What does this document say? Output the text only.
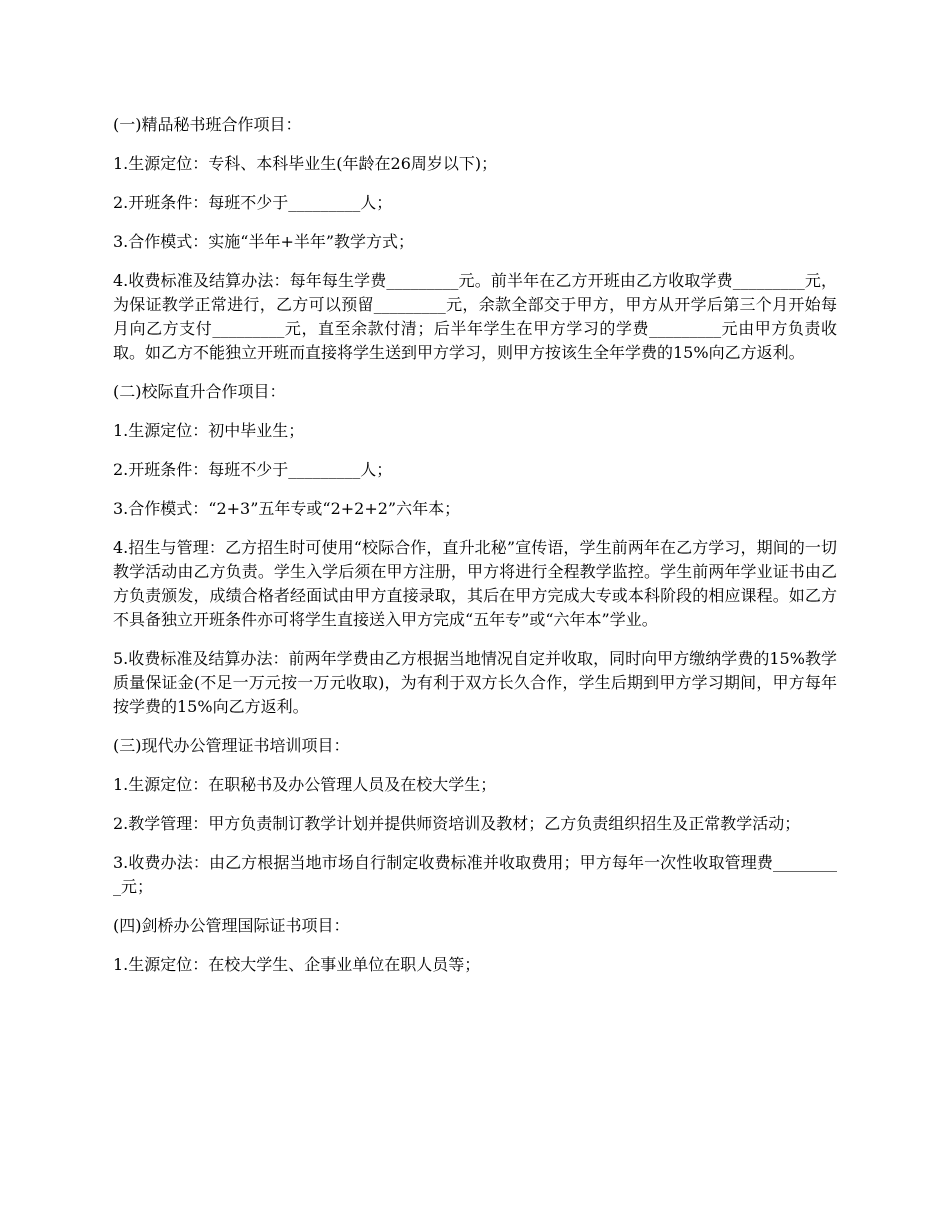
(一)精品秘书班合作项目：

1.生源定位：专科、本科毕业生(年龄在26周岁以下)；

2.开班条件：每班不少于_________人；

3.合作模式：实施“半年+半年”教学方式；

4.收费标准及结算办法：每年每生学费_________元。前半年在乙方开班由乙方收取学费_________元，为保证教学正常进行，乙方可以预留_________元，余款全部交于甲方，甲方从开学后第三个月开始每月向乙方支付_________元，直至余款付清；后半年学生在甲方学习的学费_________元由甲方负责收取。如乙方不能独立开班而直接将学生送到甲方学习，则甲方按该生全年学费的15%向乙方返利。

(二)校际直升合作项目：

1.生源定位：初中毕业生；

2.开班条件：每班不少于_________人；

3.合作模式：“2+3”五年专或“2+2+2”六年本；

4.招生与管理：乙方招生时可使用“校际合作，直升北秘”宣传语，学生前两年在乙方学习，期间的一切教学活动由乙方负责。学生入学后须在甲方注册，甲方将进行全程教学监控。学生前两年学业证书由乙方负责颁发，成绩合格者经面试由甲方直接录取，其后在甲方完成大专或本科阶段的相应课程。如乙方不具备独立开班条件亦可将学生直接送入甲方完成“五年专”或“六年本”学业。

5.收费标准及结算办法：前两年学费由乙方根据当地情况自定并收取，同时向甲方缴纳学费的15%教学质量保证金(不足一万元按一万元收取)，为有利于双方长久合作，学生后期到甲方学习期间，甲方每年按学费的15%向乙方返利。

(三)现代办公管理证书培训项目：

1.生源定位：在职秘书及办公管理人员及在校大学生；

2.教学管理：甲方负责制订教学计划并提供师资培训及教材；乙方负责组织招生及正常教学活动；

3.收费办法：由乙方根据当地市场自行制定收费标准并收取费用；甲方每年一次性收取管理费_________元；

(四)剑桥办公管理国际证书项目：

1.生源定位：在校大学生、企事业单位在职人员等；
